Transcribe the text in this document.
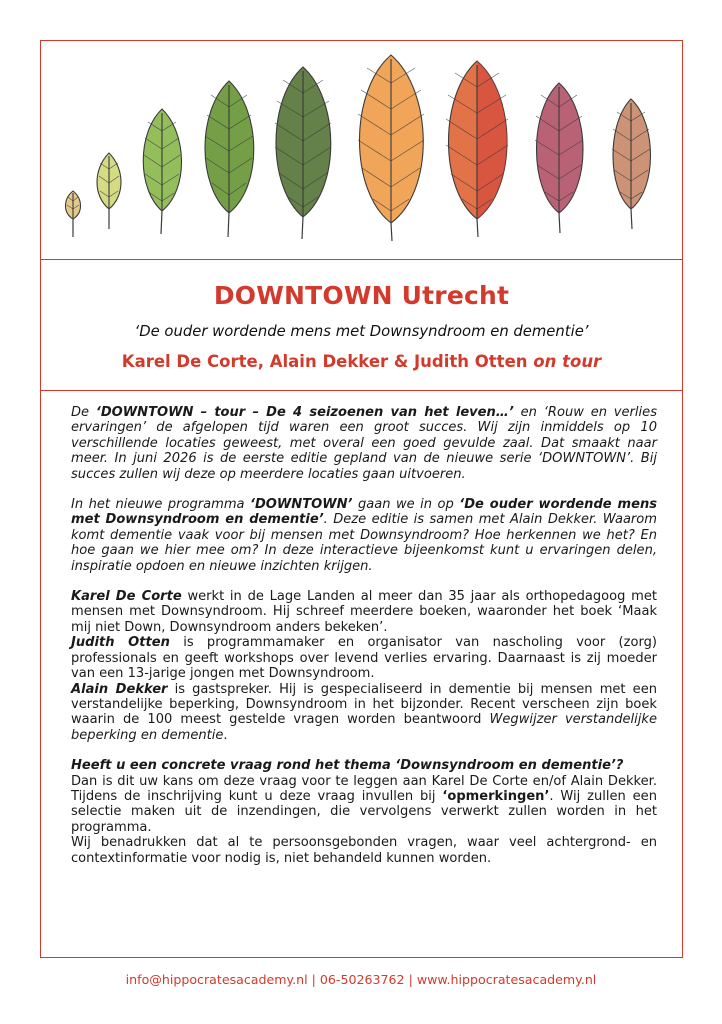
DOWNTOWN Utrecht

‘De ouder wordende mens met Downsyndroom en dementie’

Karel De Corte, Alain Dekker & Judith Otten on tour

De ‘DOWNTOWN – tour – De 4 seizoenen van het leven…’ en ‘Rouw en verlies ervaringen’ de afgelopen tijd waren een groot succes. Wij zijn inmiddels op 10 verschillende locaties geweest, met overal een goed gevulde zaal. Dat smaakt naar meer. In juni 2026 is de eerste editie gepland van de nieuwe serie ‘DOWNTOWN’. Bij succes zullen wij deze op meerdere locaties gaan uitvoeren.

In het nieuwe programma ‘DOWNTOWN’ gaan we in op ‘De ouder wordende mens met Downsyndroom en dementie’. Deze editie is samen met Alain Dekker. Waarom komt dementie vaak voor bij mensen met Downsyndroom? Hoe herkennen we het? En hoe gaan we hier mee om? In deze interactieve bijeenkomst kunt u ervaringen delen, inspiratie opdoen en nieuwe inzichten krijgen.

Karel De Corte werkt in de Lage Landen al meer dan 35 jaar als orthopedagoog met mensen met Downsyndroom. Hij schreef meerdere boeken, waaronder het boek ‘Maak mij niet Down, Downsyndroom anders bekeken’.

Judith Otten is programmamaker en organisator van nascholing voor (zorg) professionals en geeft workshops over levend verlies ervaring. Daarnaast is zij moeder van een 13-jarige jongen met Downsyndroom.

Alain Dekker is gastspreker. Hij is gespecialiseerd in dementie bij mensen met een verstandelijke beperking, Downsyndroom in het bijzonder. Recent verscheen zijn boek waarin de 100 meest gestelde vragen worden beantwoord Wegwijzer verstandelijke beperking en dementie.

Heeft u een concrete vraag rond het thema ‘Downsyndroom en dementie’?

Dan is dit uw kans om deze vraag voor te leggen aan Karel De Corte en/of Alain Dekker. Tijdens de inschrijving kunt u deze vraag invullen bij ‘opmerkingen’. Wij zullen een selectie maken uit de inzendingen, die vervolgens verwerkt zullen worden in het programma.

Wij benadrukken dat al te persoonsgebonden vragen, waar veel achtergrond- en contextinformatie voor nodig is, niet behandeld kunnen worden.

info@hippocratesacademy.nl | 06-50263762 | www.hippocratesacademy.nl
